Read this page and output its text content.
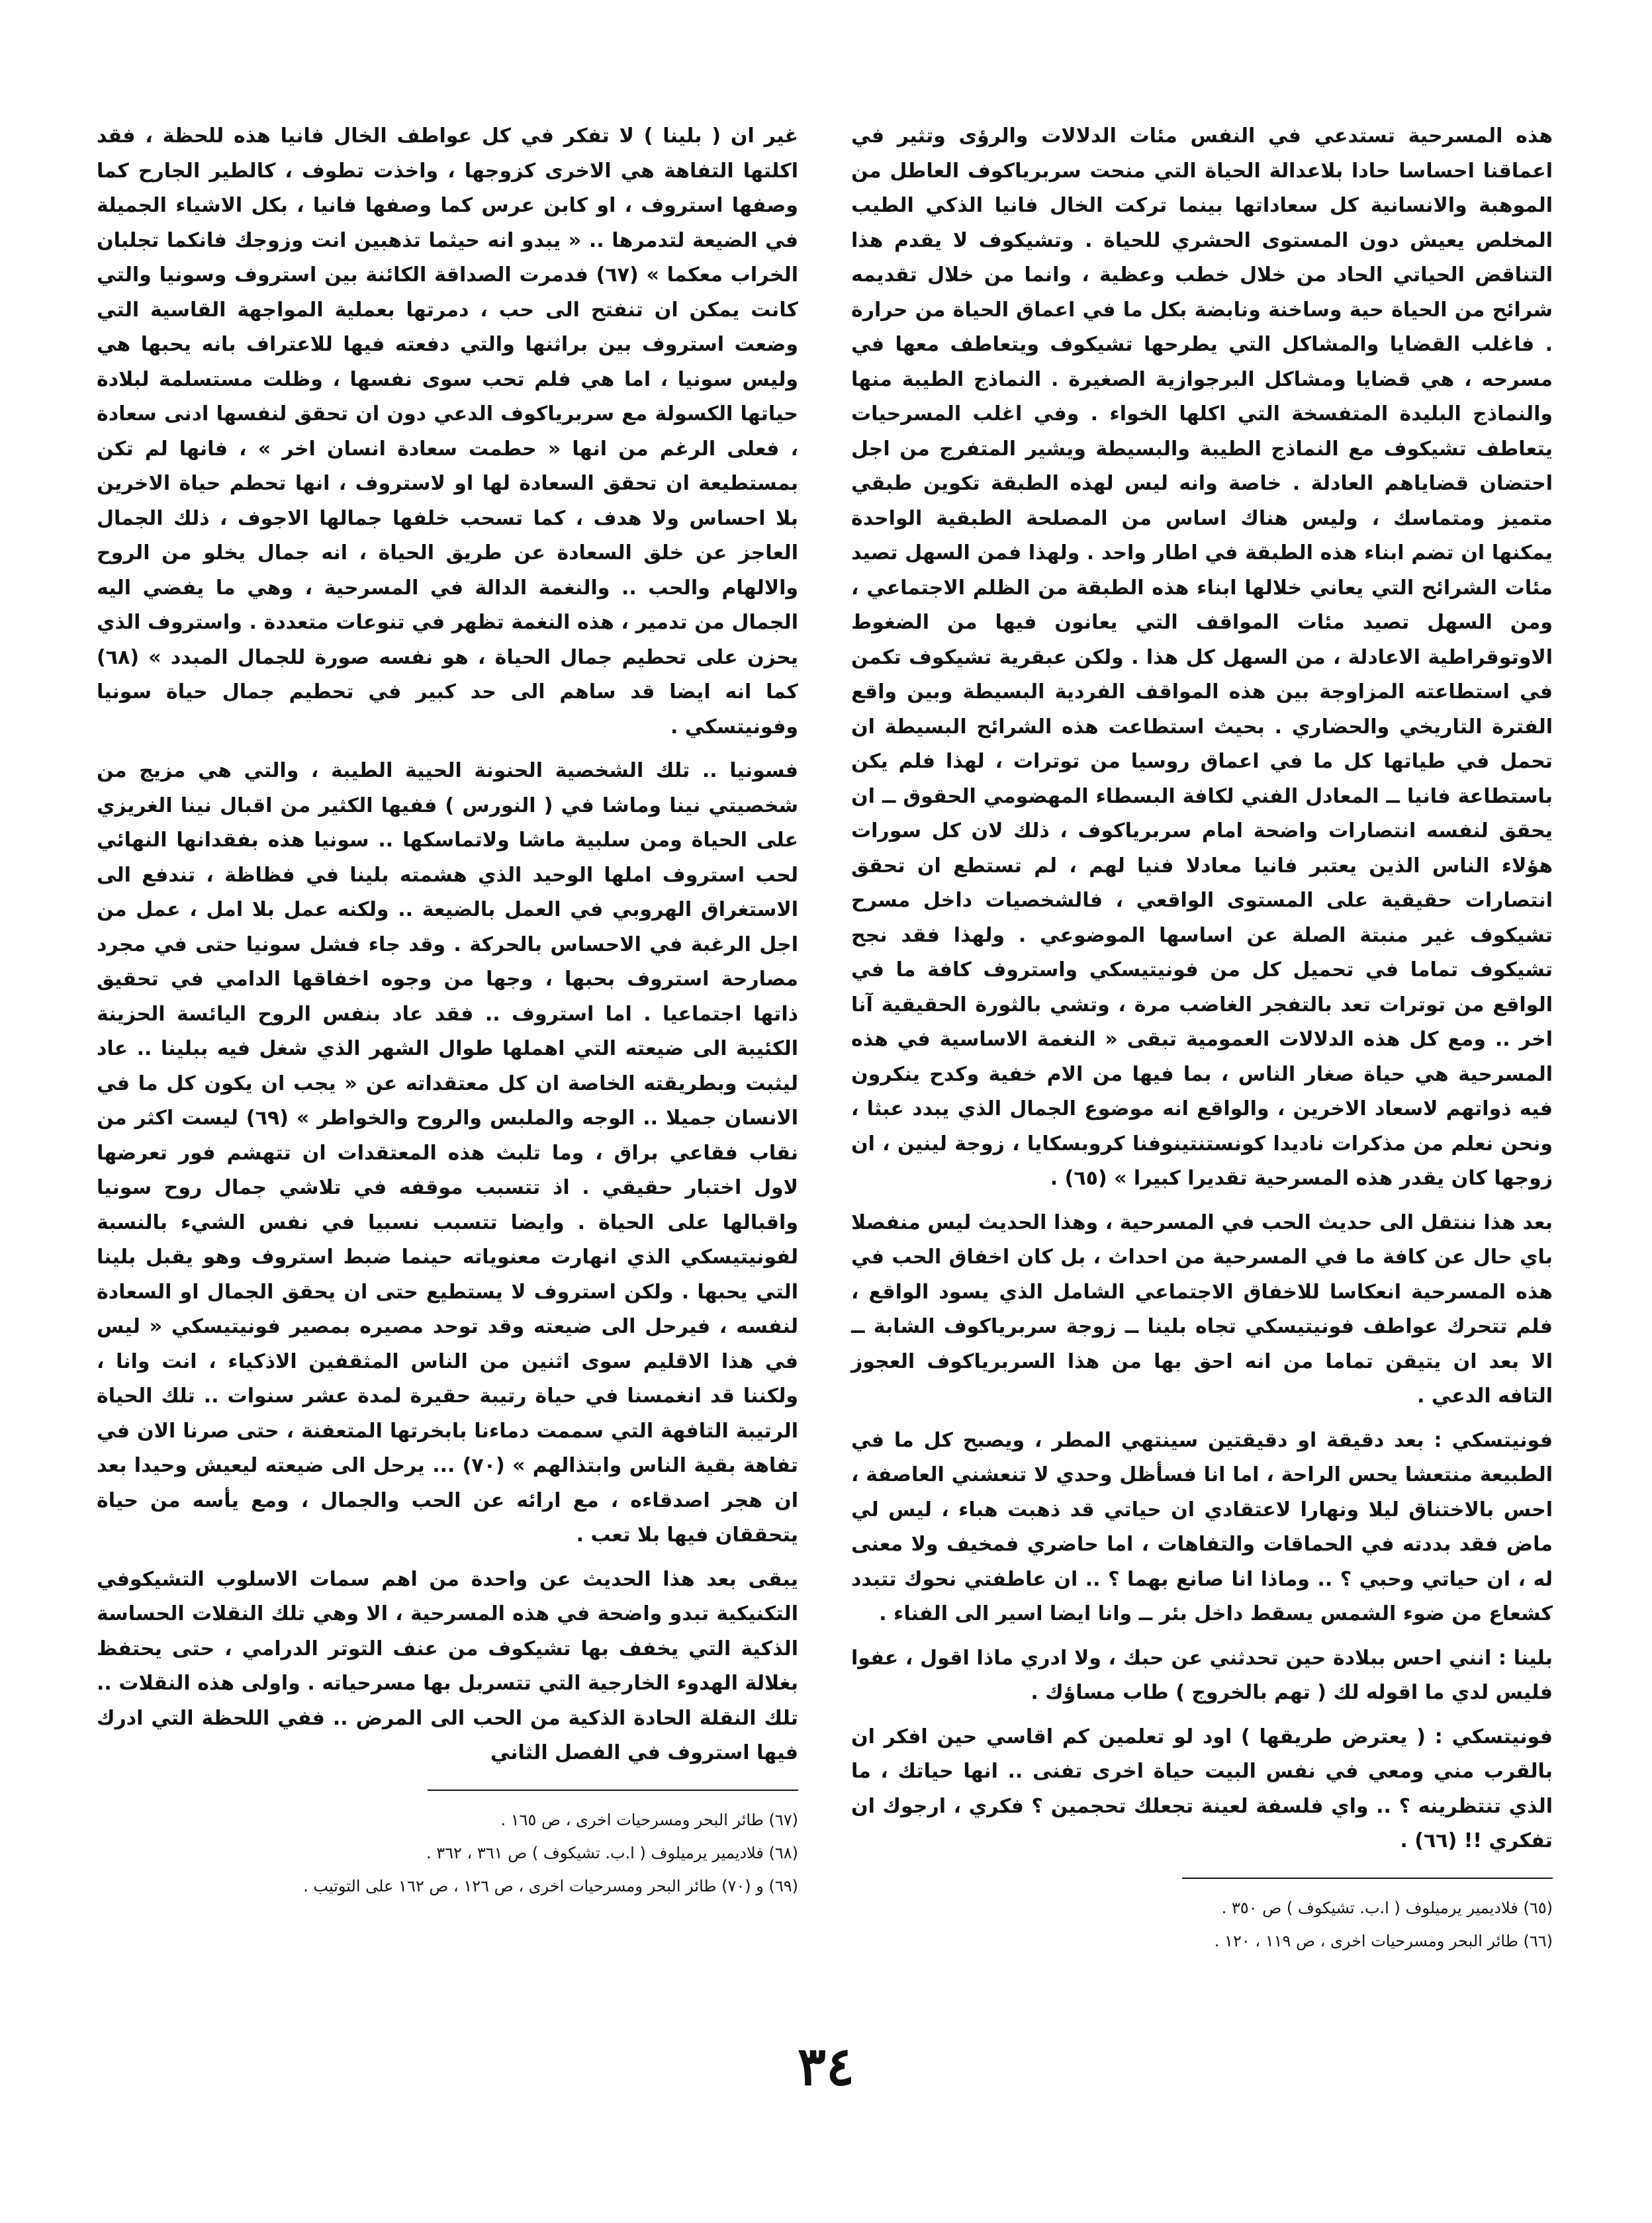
هذه المسرحية تستدعي في النفس مئات الدلالات والرؤى وتثير في اعماقنا احساسا حادا بلاعدالة الحياة التي منحت سربرياكوف العاطل من الموهبة والانسانية كل سعاداتها بينما تركت الخال فانيا الذكي الطيب المخلص يعيش دون المستوى الحشري للحياة . وتشيكوف لا يقدم هذا التناقض الحياتي الحاد من خلال خطب وعظية ، وانما من خلال تقديمه شرائح من الحياة حية وساخنة ونابضة بكل ما في اعماق الحياة من حرارة . فاغلب القضايا والمشاكل التي يطرحها تشيكوف ويتعاطف معها في مسرحه ، هي قضايا ومشاكل البرجوازية الصغيرة . النماذج الطيبة منها والنماذج البليدة المتفسخة التي اكلها الخواء . وفي اغلب المسرحيات يتعاطف تشيكوف مع النماذج الطيبة والبسيطة ويشير المتفرج من اجل احتضان قضاياهم العادلة . خاصة وانه ليس لهذه الطبقة تكوين طبقي متميز ومتماسك ، وليس هناك اساس من المصلحة الطبقية الواحدة يمكنها ان تضم ابناء هذه الطبقة في اطار واحد . ولهذا فمن السهل تصيد مئات الشرائح التي يعاني خلالها ابناء هذه الطبقة من الظلم الاجتماعي ، ومن السهل تصيد مئات المواقف التي يعانون فيها من الضغوط الاوتوقراطية الاعادلة ، من السهل كل هذا . ولكن عبقرية تشيكوف تكمن في استطاعته المزاوجة بين هذه المواقف الفردية البسيطة وبين واقع الفترة التاريخي والحضاري . بحيث استطاعت هذه الشرائح البسيطة ان تحمل في طياتها كل ما في اعماق روسيا من توترات ، لهذا فلم يكن باستطاعة فانيا ــ المعادل الفني لكافة البسطاء المهضومي الحقوق ــ ان يحقق لنفسه انتصارات واضحة امام سربرياكوف ، ذلك لان كل سورات هؤلاء الناس الذين يعتبر فانيا معادلا فنيا لهم ، لم تستطع ان تحقق انتصارات حقيقية على المستوى الواقعي ، فالشخصيات داخل مسرح تشيكوف غير منبتة الصلة عن اساسها الموضوعي . ولهذا فقد نجح تشيكوف تماما في تحميل كل من فونيتيسكي واستروف كافة ما في الواقع من توترات تعد بالتفجر الغاضب مرة ، وتشي بالثورة الحقيقية آنا اخر .. ومع كل هذه الدلالات العمومية تبقى « النغمة الاساسية في هذه المسرحية هي حياة صغار الناس ، بما فيها من الام خفية وكدح ينكرون فيه ذواتهم لاسعاد الاخرين ، والواقع انه موضوع الجمال الذي يبدد عبثا ، ونحن نعلم من مذكرات ناديدا كونستنتينوفنا كروبسكايا ، زوجة لينين ، ان زوجها كان يقدر هذه المسرحية تقديرا كبيرا » (٦٥) .

بعد هذا ننتقل الى حديث الحب في المسرحية ، وهذا الحديث ليس منفصلا باي حال عن كافة ما في المسرحية من احداث ، بل كان اخفاق الحب في هذه المسرحية انعكاسا للاخفاق الاجتماعي الشامل الذي يسود الواقع ، فلم تتحرك عواطف فونيتيسكي تجاه بلينا ــ زوجة سربرياكوف الشابة ــ الا بعد ان يتيقن تماما من انه احق بها من هذا السربرياكوف العجوز التافه الدعي .

فونيتسكي : بعد دقيقة او دقيقتين سينتهي المطر ، ويصبح كل ما في الطبيعة منتعشا يحس الراحة ، اما انا فسأظل وحدي لا تنعشني العاصفة ، احس بالاختناق ليلا ونهارا لاعتقادي ان حياتي قد ذهبت هباء ، ليس لي ماض فقد بددته في الحماقات والتفاهات ، اما حاضري فمخيف ولا معنى له ، ان حياتي وحبي ؟ .. وماذا انا صانع بهما ؟ .. ان عاطفتي نحوك تتبدد كشعاع من ضوء الشمس يسقط داخل بئر ــ وانا ايضا اسير الى الفناء .

بلينا : انني احس ببلادة حين تحدثني عن حبك ، ولا ادري ماذا اقول ، عفوا فليس لدي ما اقوله لك ( تهم بالخروج ) طاب مساؤك .

فونيتسكي : ( يعترض طريقها ) اود لو تعلمين كم اقاسي حين افكر ان بالقرب مني ومعي في نفس البيت حياة اخرى تفنى .. انها حياتك ، ما الذي تنتظرينه ؟ .. واي فلسفة لعينة تجعلك تحجمين ؟ فكري ، ارجوك ان تفكري !! (٦٦) .

(٦٥) فلاديمير يرميلوف ( ا.ب. تشيكوف ) ص ٣٥٠ .

(٦٦) طائر البحر ومسرحيات اخرى ، ص ١١٩ ، ١٢٠ .

غير ان ( بلينا ) لا تفكر في كل عواطف الخال فانيا هذه للحظة ، فقد اكلتها التفاهة هي الاخرى كزوجها ، واخذت تطوف ، كالطير الجارح كما وصفها استروف ، او كابن عرس كما وصفها فانيا ، بكل الاشياء الجميلة في الضيعة لتدمرها .. « يبدو انه حيثما تذهبين انت وزوجك فانكما تجلبان الخراب معكما » (٦٧) فدمرت الصداقة الكائنة بين استروف وسونيا والتي كانت يمكن ان تنفتح الى حب ، دمرتها بعملية المواجهة القاسية التي وضعت استروف بين براثنها والتي دفعته فيها للاعتراف بانه يحبها هي وليس سونيا ، اما هي فلم تحب سوى نفسها ، وظلت مستسلمة لبلادة حياتها الكسولة مع سربرياكوف الدعي دون ان تحقق لنفسها ادنى سعادة ، فعلى الرغم من انها « حطمت سعادة انسان اخر » ، فانها لم تكن بمستطيعة ان تحقق السعادة لها او لاستروف ، انها تحطم حياة الاخرين بلا احساس ولا هدف ، كما تسحب خلفها جمالها الاجوف ، ذلك الجمال العاجز عن خلق السعادة عن طريق الحياة ، انه جمال يخلو من الروح والالهام والحب .. والنغمة الدالة في المسرحية ، وهي ما يفضي اليه الجمال من تدمير ، هذه النغمة تظهر في تنوعات متعددة . واستروف الذي يحزن على تحطيم جمال الحياة ، هو نفسه صورة للجمال المبدد » (٦٨) كما انه ايضا قد ساهم الى حد كبير في تحطيم جمال حياة سونيا وفونيتسكي .

فسونيا .. تلك الشخصية الحنونة الحيية الطيبة ، والتي هي مزيج من شخصيتي نينا وماشا في ( النورس ) ففيها الكثير من اقبال نينا الغريزي على الحياة ومن سلبية ماشا ولاتماسكها .. سونيا هذه بفقدانها النهائي لحب استروف املها الوحيد الذي هشمته بلينا في فظاظة ، تندفع الى الاستغراق الهروبي في العمل بالضيعة .. ولكنه عمل بلا امل ، عمل من اجل الرغبة في الاحساس بالحركة . وقد جاء فشل سونيا حتى في مجرد مصارحة استروف بحبها ، وجها من وجوه اخفاقها الدامي في تحقيق ذاتها اجتماعيا . اما استروف .. فقد عاد بنفس الروح اليائسة الحزينة الكئيبة الى ضيعته التي اهملها طوال الشهر الذي شغل فيه ببلينا .. عاد ليثبت وبطريقته الخاصة ان كل معتقداته عن « يجب ان يكون كل ما في الانسان جميلا .. الوجه والملبس والروح والخواطر » (٦٩) ليست اكثر من نقاب فقاعي براق ، وما تلبث هذه المعتقدات ان تتهشم فور تعرضها لاول اختبار حقيقي . اذ تتسبب موقفه في تلاشي جمال روح سونيا واقبالها على الحياة . وايضا تتسبب نسبيا في نفس الشيء بالنسبة لفونيتيسكي الذي انهارت معنوياته حينما ضبط استروف وهو يقبل بلينا التي يحبها . ولكن استروف لا يستطيع حتى ان يحقق الجمال او السعادة لنفسه ، فيرحل الى ضيعته وقد توحد مصيره بمصير فونيتيسكي « ليس في هذا الاقليم سوى اثنين من الناس المثقفين الاذكياء ، انت وانا ، ولكننا قد انغمسنا في حياة رتيبة حقيرة لمدة عشر سنوات .. تلك الحياة الرتيبة التافهة التي سممت دماءنا بابخرتها المتعفنة ، حتى صرنا الان في تفاهة بقية الناس وابتذالهم » (٧٠) ... يرحل الى ضيعته ليعيش وحيدا بعد ان هجر اصدقاءه ، مع ارائه عن الحب والجمال ، ومع يأسه من حياة يتحققان فيها بلا تعب .

يبقى بعد هذا الحديث عن واحدة من اهم سمات الاسلوب التشيكوفي التكنيكية تبدو واضحة في هذه المسرحية ، الا وهي تلك النقلات الحساسة الذكية التي يخفف بها تشيكوف من عنف التوتر الدرامي ، حتى يحتفظ بغلالة الهدوء الخارجية التي تتسربل بها مسرحياته . واولى هذه النقلات .. تلك النقلة الحادة الذكية من الحب الى المرض .. ففي اللحظة التي ادرك فيها استروف في الفصل الثاني

(٦٧) طائر البحر ومسرحيات اخرى ، ص ١٦٥ .

(٦٨) فلاديمير يرميلوف ( ا.ب. تشيكوف ) ص ٣٦١ ، ٣٦٢ .

(٦٩) و (٧٠) طائر البحر ومسرحيات اخرى ، ص ١٢٦ ، ص ١٦٢ على التوتيب .

٣٤
